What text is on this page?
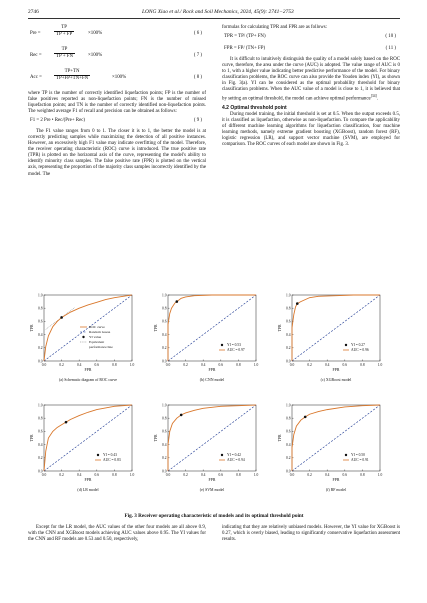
2746	LONG Xiao et al./ Rock and Soil Mechanics, 2024, 45(9): 2741−2753
Pre =	$\frac{TP}{TP + FP}$	×100%	( 6 )
Rec =	$\frac{TP}{TP + FN}$	×100%	( 7 )
Acc = $\frac{TP+TN}{TP+FP+TN+FN}$	×100%	( 8 )

where TP is the number of correctly identified liquefaction points; FP is the number of false positives reported as non-liquefaction points; FN is the number of missed liquefaction points; and TN is the number of correctly identified non-liquefaction points. The weighted average F1 of recall and precision can be obtained as follows:

F1 = 2 Pre • Rec/(Pre+ Rec)	( 9 )

The F1 value ranges from 0 to 1. The closer it is to 1, the better the model is at correctly predicting samples while maximizing the detection of all positive instances. However, an excessively high F1 value may indicate overfitting of the model. Therefore, the receiver operating characteristic (ROC) curve is introduced. The true positive rate (TPR) is plotted on the horizontal axis of the curve, representing the model's ability to identify minority class samples. The false positive rate (FPR) is plotted on the vertical axis, representing the proportion of the majority class samples incorrectly identified by the model. The

formulas for calculating TPR and FPR are as follows:

TPR = TP/ (TP+ FN)	( 10 )
FPR = FP/ (TN+ FP)	( 11 )

It is difficult to intuitively distinguish the quality of a model solely based on the ROC curve, therefore, the area under the curve (AUC) is adopted. The value range of AUC is 0 to 1, with a higher value indicating better predictive performance of the model. For binary classification problems, the ROC curve can also provide the Youden index (YI), as shown in Fig. 3(a). YI can be considered as the optimal probability threshold for binary classification problems. When the AUC value of a model is close to 1, it is believed that by setting an optimal threshold, the model can achieve optimal performance[34].

4.2 Optimal threshold point

During model training, the initial threshold is set at 0.5. When the output exceeds 0.5, it is classified as liquefaction, otherwise as non-liquefaction. To compare the applicability of different machine learning algorithms for liquefaction classification, four machine learning methods, namely extreme gradient boosting (XGBoost), random forest (RF), logistic regression (LR), and support vector machine (SVM), are employed for comparison. The ROC curves of each model are shown in Fig. 3.

0.0	0.2	0.4	0.6	0.8	1.0
0.0
0.2
0.4
0.6
0.8
1.0
FPR
TPR	ROC curve
Random Guess
YI value
Equivalent
performance line
(a) Schematic diagram of ROC curve
0.0	0.2	0.4	0.6	0.8	1.0
0.0
0.2
0.4
0.6
0.8
1.0
FPR
TPR
YI = 0.53
AUC = 0.97
(b) CNN model
0.0	0.2	0.4	0.6	0.8	1.0
0.0
0.2
0.4
0.6
0.8
1.0
FPR
TPR
YI = 0.27
AUC = 0.96
(c) XGBoost model
0.0	0.2	0.4	0.6	0.8	1.0
0.0
0.2
0.4
0.6
0.8
1.0
FPR
TPR
YI = 0.43
AUC = 0.83
(d) LR model
0.0	0.2	0.4	0.6	0.8	1.0
0.0
0.2
0.4
0.6
0.8
1.0
FPR
TPR
YI = 0.42
AUC = 0.94
(e) SVM model
0.0	0.2	0.4	0.6	0.8	1.0
0.0
0.2
0.4
0.6
0.8
1.0
FPR
TPR
YI = 0.50
AUC = 0.91
(f) RF model
Fig. 3 Receiver operating characteristic of models and its optimal threshold point

Except for the LR model, the AUC values of the other four models are all above 0.9, with the CNN and XGBoost models achieving AUC values above 0.95. The YI values for the CNN and RF models are 0.53 and 0.50, respectively,

indicating that they are relatively unbiased models. However, the YI value for XGBoost is 0.27, which is overly biased, leading to significantly conservative liquefaction assessment results.
